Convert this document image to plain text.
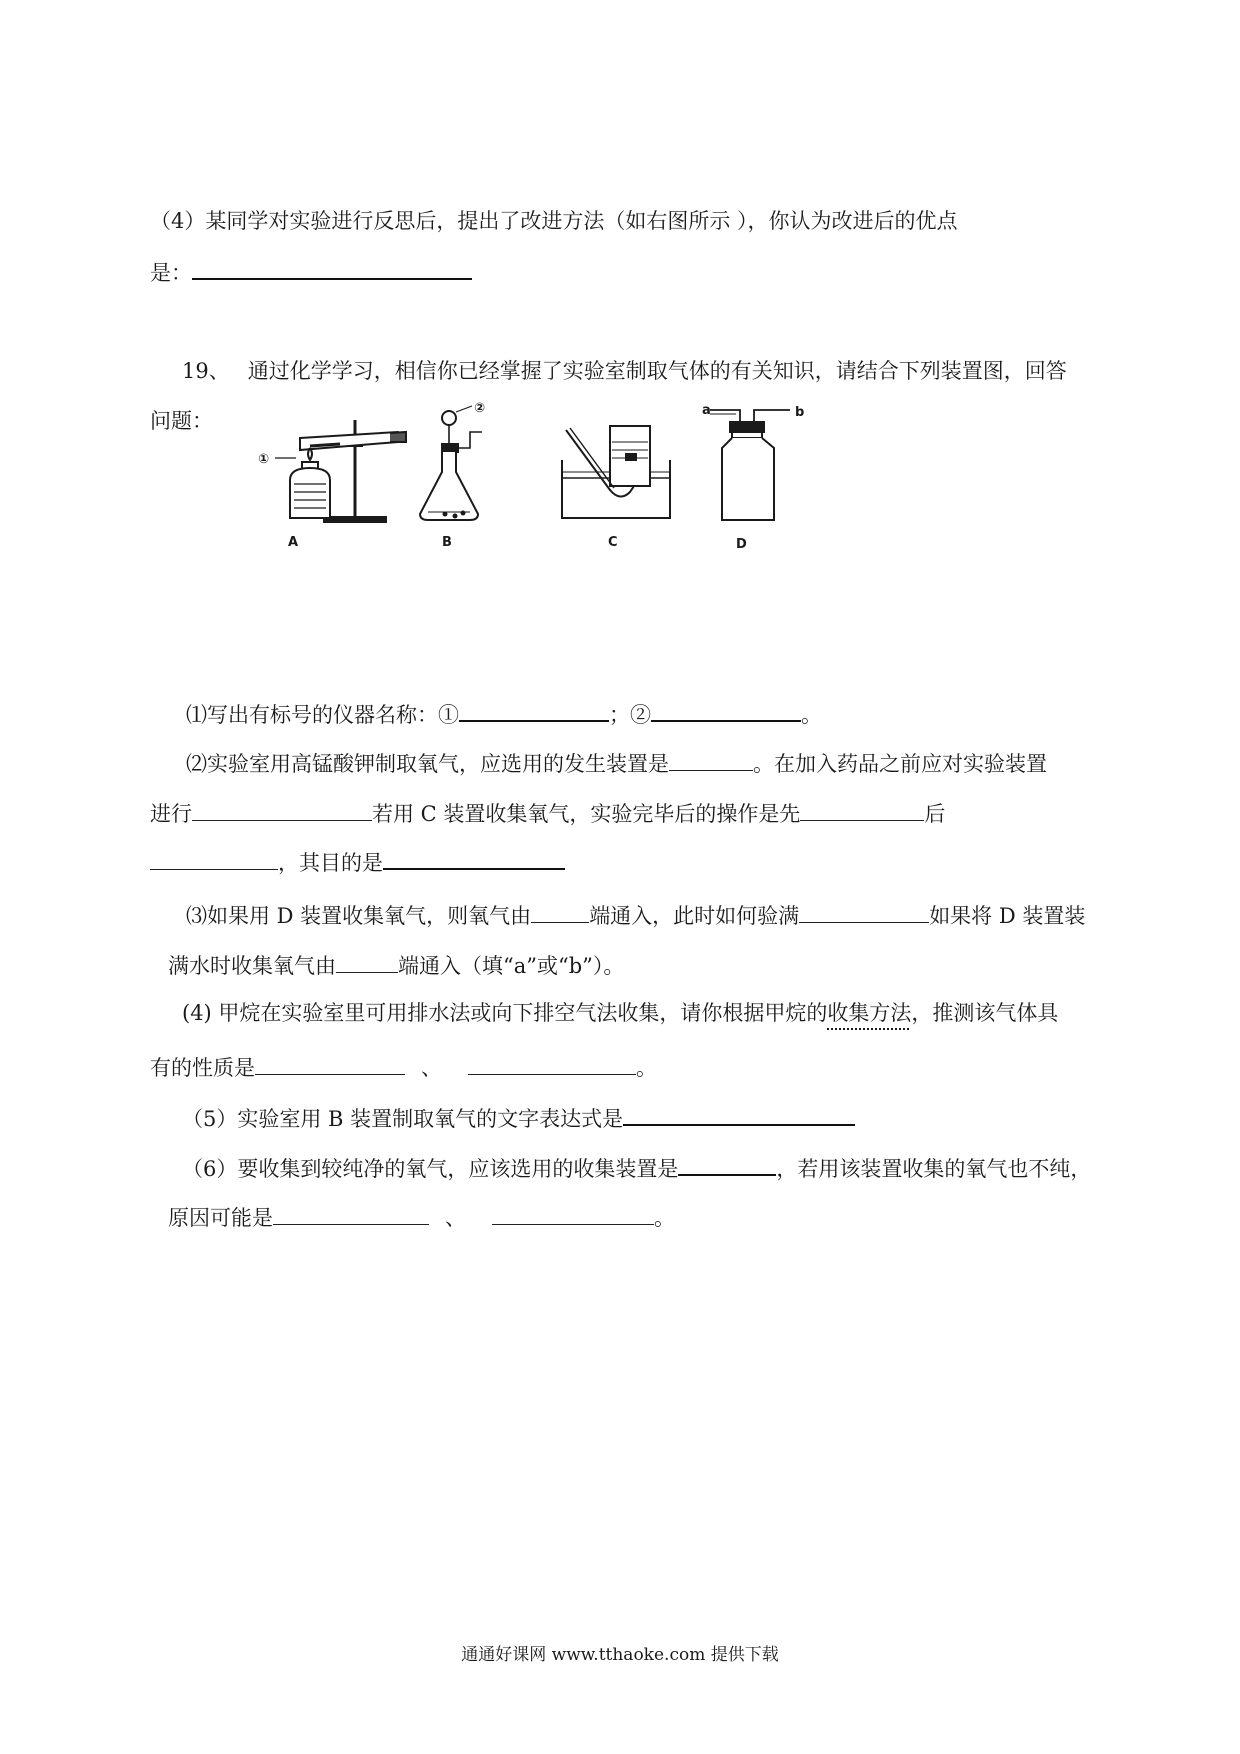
（4）某同学对实验进行反思后，提出了改进方法（如右图所示 ），你认为改进后的优点
是：
19、 通过化学学习，相信你已经掌握了实验室制取气体的有关知识，请结合下列装置图，回答
问题：
①
A
②
B	C
a	b
D
⑴写出有标号的仪器名称：①	；②	。
⑵实验室用高锰酸钾制取氧气，应选用的发生装置是	。在加入药品之前应对实验装置
进行	若用 C 装置收集氧气，实验完毕后的操作是先	后
，其目的是
⑶如果用 D 装置收集氧气，则氧气由	端通入，此时如何验满	如果将 D 装置装
满水时收集氧气由	端通入（填“a”或“b”）。
(4) 甲烷在实验室里可用排水法或向下排空气法收集，请你根据甲烷的收集方法，推测该气体具
有的性质是	、	。
（5）实验室用 B 装置制取氧气的文字表达式是
（6）要收集到较纯净的氧气，应该选用的收集装置是	，若用该装置收集的氧气也不纯，
原因可能是	、	。
通通好课网 www.tthaoke.com 提供下载
